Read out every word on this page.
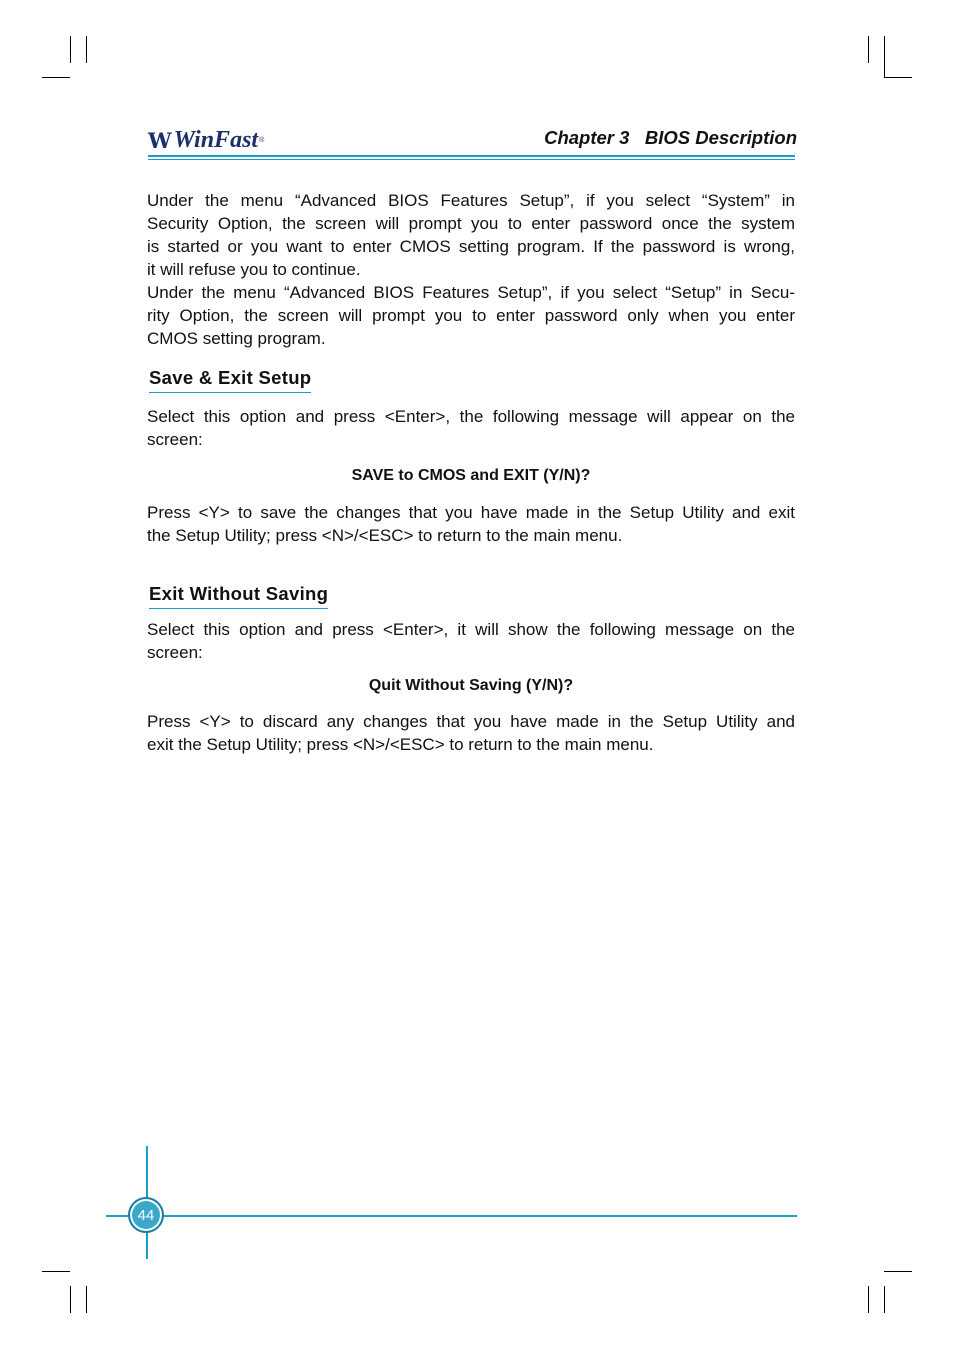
W WinFast ®	Chapter 3   BIOS Description
Under the menu “Advanced BIOS Features Setup”, if you select “System” in
Security Option, the screen will prompt you to enter password once the system
is started or you want to enter CMOS setting program. If the password is wrong,
it will refuse you to continue.
Under the menu “Advanced BIOS Features Setup”, if you select “Setup” in Secu-
rity Option, the screen will prompt you to enter password only when you enter
CMOS setting program.
Save & Exit Setup
Select this option and press <Enter>, the following message will appear on the
screen:
SAVE to CMOS and EXIT (Y/N)?
Press <Y> to save the changes that you have made in the Setup Utility and exit
the Setup Utility; press <N>/<ESC> to return to the main menu.
Exit Without Saving
Select this option and press <Enter>, it will show the following message on the
screen:
Quit Without Saving (Y/N)?
Press <Y> to discard any changes that you have made in the Setup Utility and
exit the Setup Utility; press <N>/<ESC> to return to the main menu.
44
